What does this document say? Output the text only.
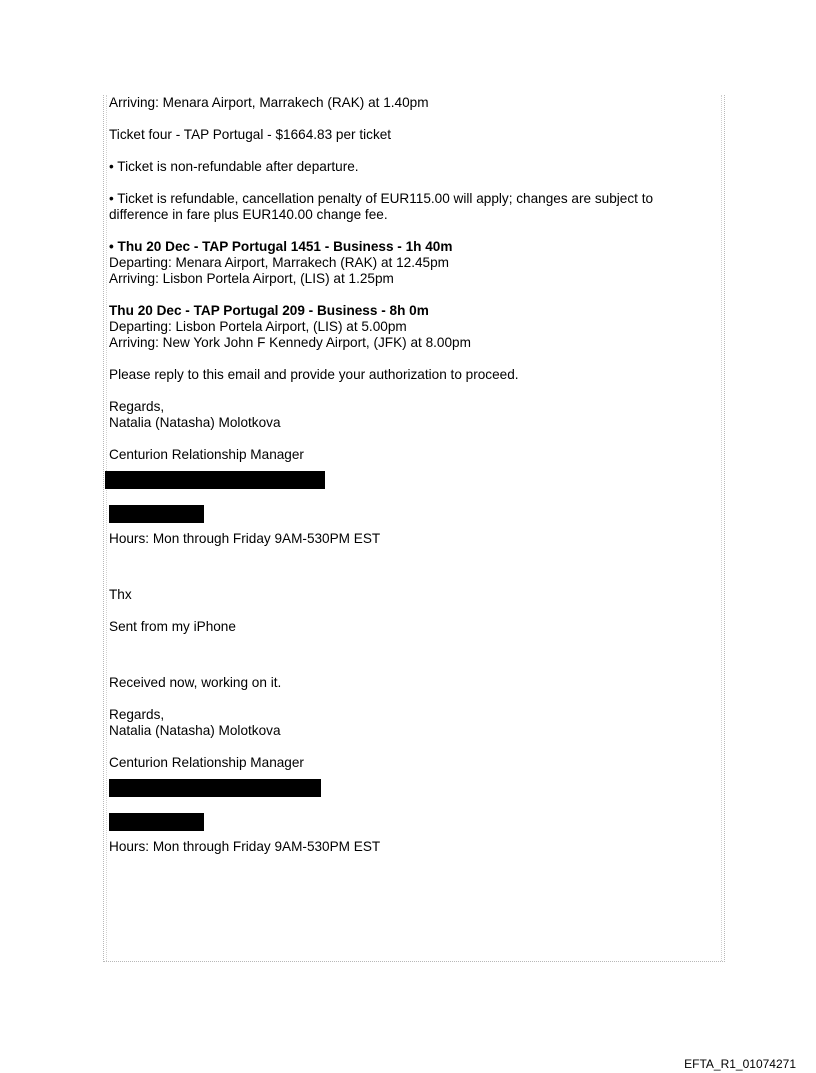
Arriving: Menara Airport, Marrakech (RAK) at 1.40pm

Ticket four - TAP Portugal - $1664.83 per ticket

• Ticket is non-refundable after departure.

• Ticket is refundable, cancellation penalty of EUR115.00 will apply; changes are subject to difference in fare plus EUR140.00 change fee.

• Thu 20 Dec - TAP Portugal 1451 - Business - 1h 40m

Departing: Menara Airport, Marrakech (RAK) at 12.45pm

Arriving: Lisbon Portela Airport, (LIS) at 1.25pm

Thu 20 Dec - TAP Portugal 209 - Business - 8h 0m

Departing: Lisbon Portela Airport, (LIS) at 5.00pm

Arriving: New York John F Kennedy Airport, (JFK) at 8.00pm

Please reply to this email and provide your authorization to proceed.

Regards,

Natalia (Natasha) Molotkova

Centurion Relationship Manager

Hours: Mon through Friday 9AM-530PM EST

Thx

Sent from my iPhone

Received now, working on it.

Regards,

Natalia (Natasha) Molotkova

Centurion Relationship Manager

Hours: Mon through Friday 9AM-530PM EST

EFTA_R1_01074271
